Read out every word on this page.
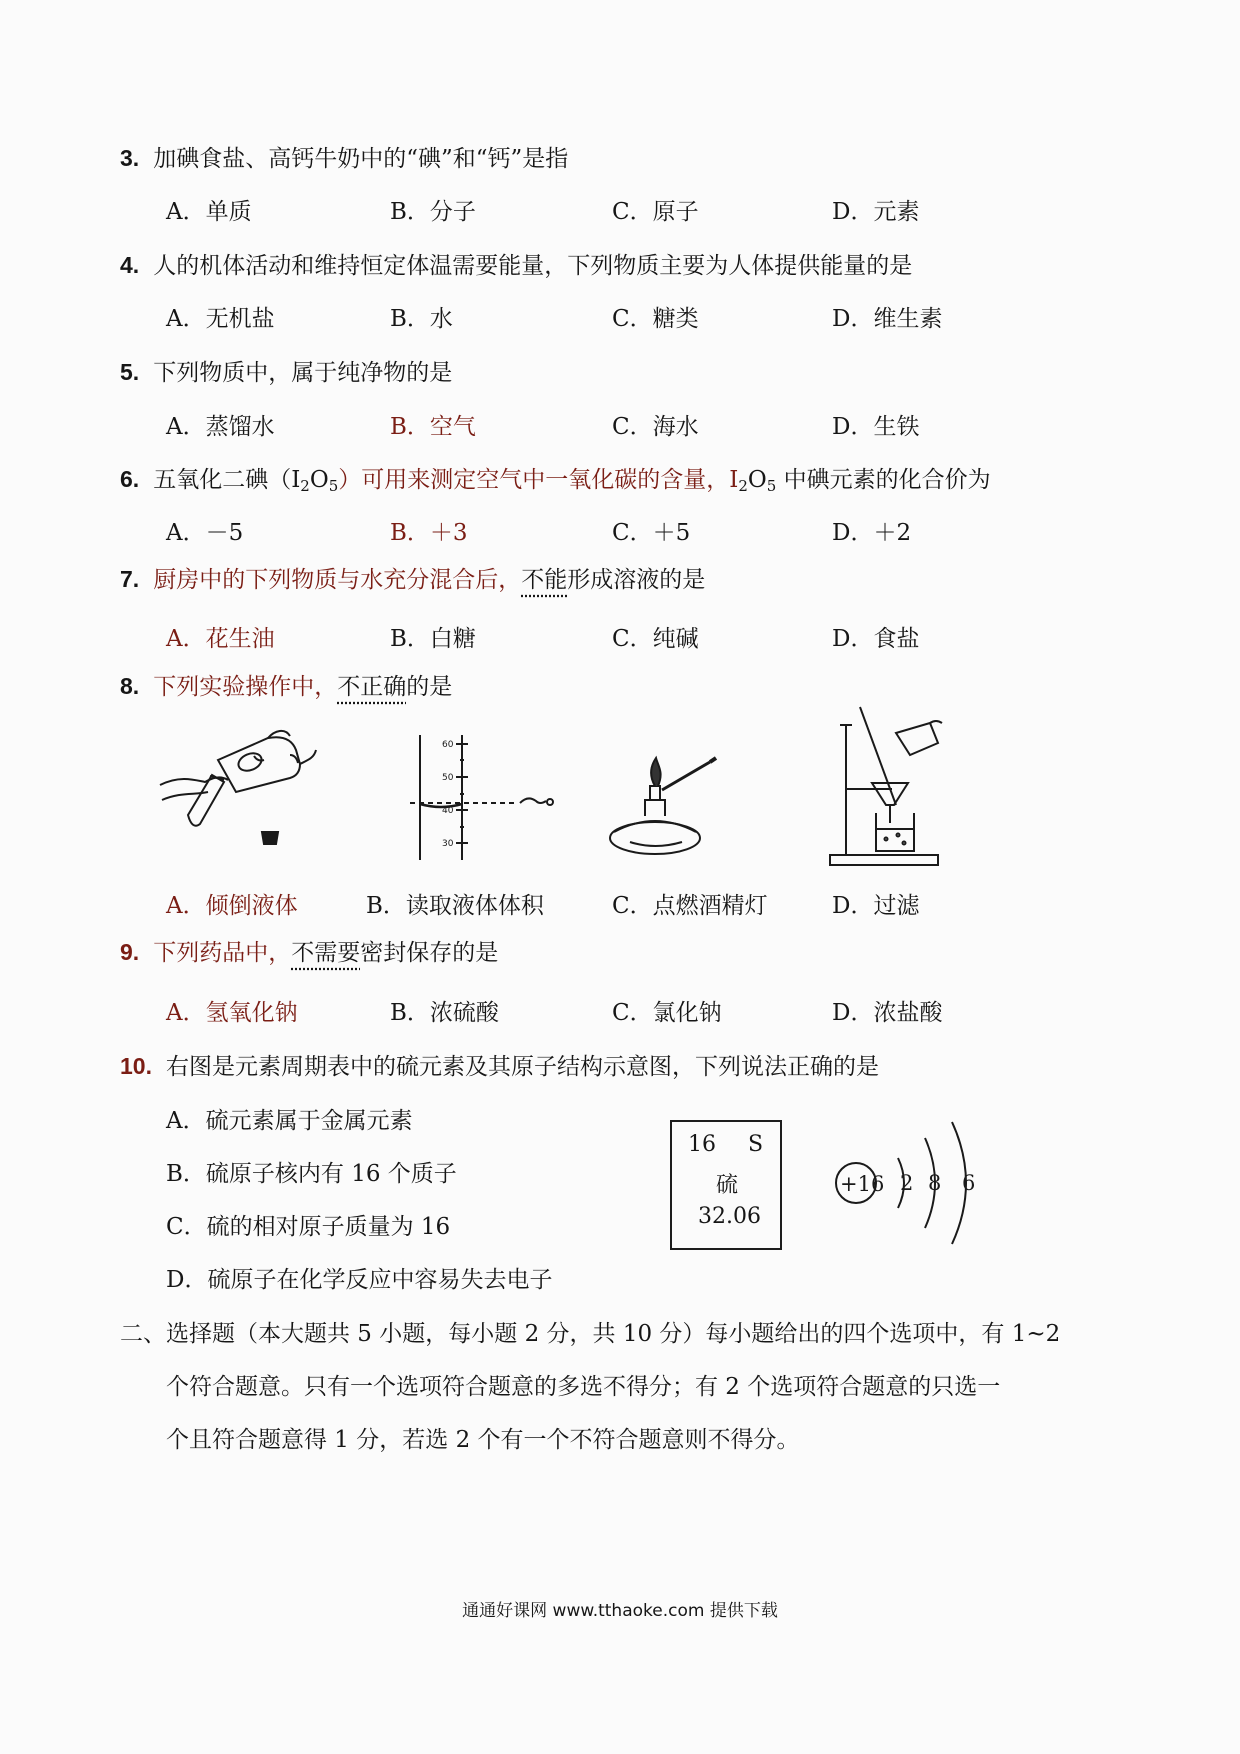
3. 加碘食盐、高钙牛奶中的“碘”和“钙”是指
A．单质	B．分子	C．原子	D．元素
4. 人的机体活动和维持恒定体温需要能量，下列物质主要为人体提供能量的是
A．无机盐	B．水	C．糖类	D．维生素
5. 下列物质中，属于纯净物的是
A．蒸馏水	B．空气	C．海水	D．生铁
6. 五氧化二碘$(I_2O_5)$可用来测定空气中一氧化碳的含量，$I_2O_5$ 中碘元素的化合价为
A．－5	B．＋3	C．＋5	D．＋2
7. 厨房中的下列物质与水充分混合后，不能形成溶液的是
A．花生油	B．白糖	C．纯碱	D．食盐
8. 下列实验操作中，不正确的是
60
50
40
30
A．倾倒液体	B．读取液体体积	C．点燃酒精灯	D．过滤
9. 下列药品中，不需要密封保存的是
A．氢氧化钠	B．浓硫酸	C．氯化钠	D．浓盐酸
10. 右图是元素周期表中的硫元素及其原子结构示意图，下列说法正确的是
A．硫元素属于金属元素
B．硫原子核内有 16 个质子
C．硫的相对原子质量为 16
D．硫原子在化学反应中容易失去电子
16 S
硫
32.06
+16 2 8 6
二、选择题（本大题共 5 小题，每小题 2 分，共 10 分）每小题给出的四个选项中，有 1~2
个符合题意。只有一个选项符合题意的多选不得分；有 2 个选项符合题意的只选一
个且符合题意得 1 分，若选 2 个有一个不符合题意则不得分。
通通好课网 www.tthaoke.com 提供下载
